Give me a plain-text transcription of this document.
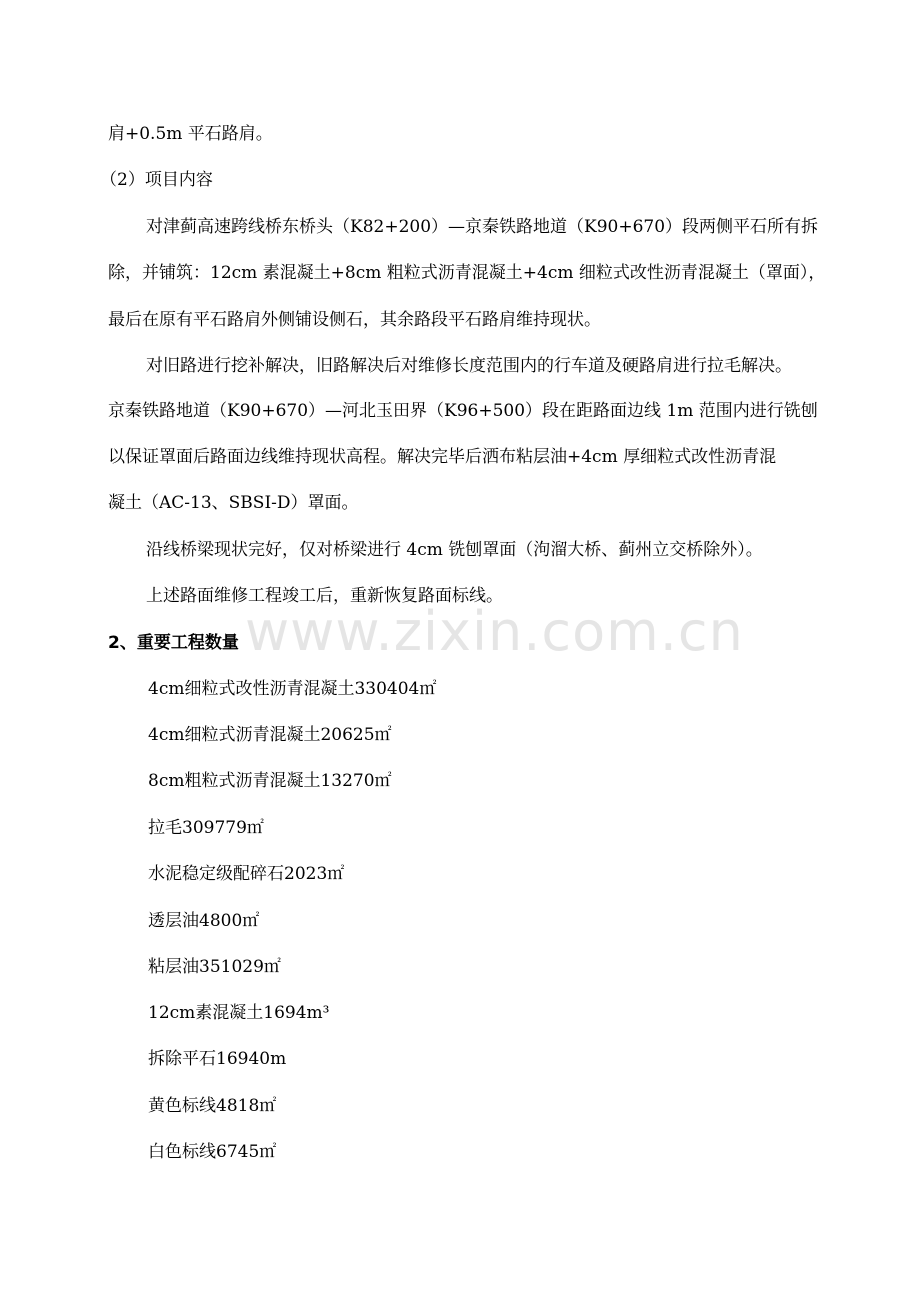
www.zixin.com.cn
肩+0.5m 平石路肩。
（2）项目内容
对津蓟高速跨线桥东桥头（K82+200）—京秦铁路地道（K90+670）段两侧平石所有拆
除，并铺筑：12cm 素混凝土+8cm 粗粒式沥青混凝土+4cm 细粒式改性沥青混凝土（罩面），
最后在原有平石路肩外侧铺设侧石，其余路段平石路肩维持现状。
对旧路进行挖补解决，旧路解决后对维修长度范围内的行车道及硬路肩进行拉毛解决。
京秦铁路地道（K90+670）—河北玉田界（K96+500）段在距路面边线 1m 范围内进行铣刨
以保证罩面后路面边线维持现状高程。解决完毕后洒布粘层油+4cm 厚细粒式改性沥青混
凝土（AC-13、SBSI-D）罩面。
沿线桥梁现状完好，仅对桥梁进行 4cm 铣刨罩面（泃溜大桥、蓟州立交桥除外）。
上述路面维修工程竣工后，重新恢复路面标线。
2、重要工程数量
4cm细粒式改性沥青混凝土330404㎡
4cm细粒式沥青混凝土20625㎡
8cm粗粒式沥青混凝土13270㎡
拉毛309779㎡
水泥稳定级配碎石2023㎡
透层油4800㎡
粘层油351029㎡
12cm素混凝土1694m³
拆除平石16940m
黄色标线4818㎡
白色标线6745㎡
